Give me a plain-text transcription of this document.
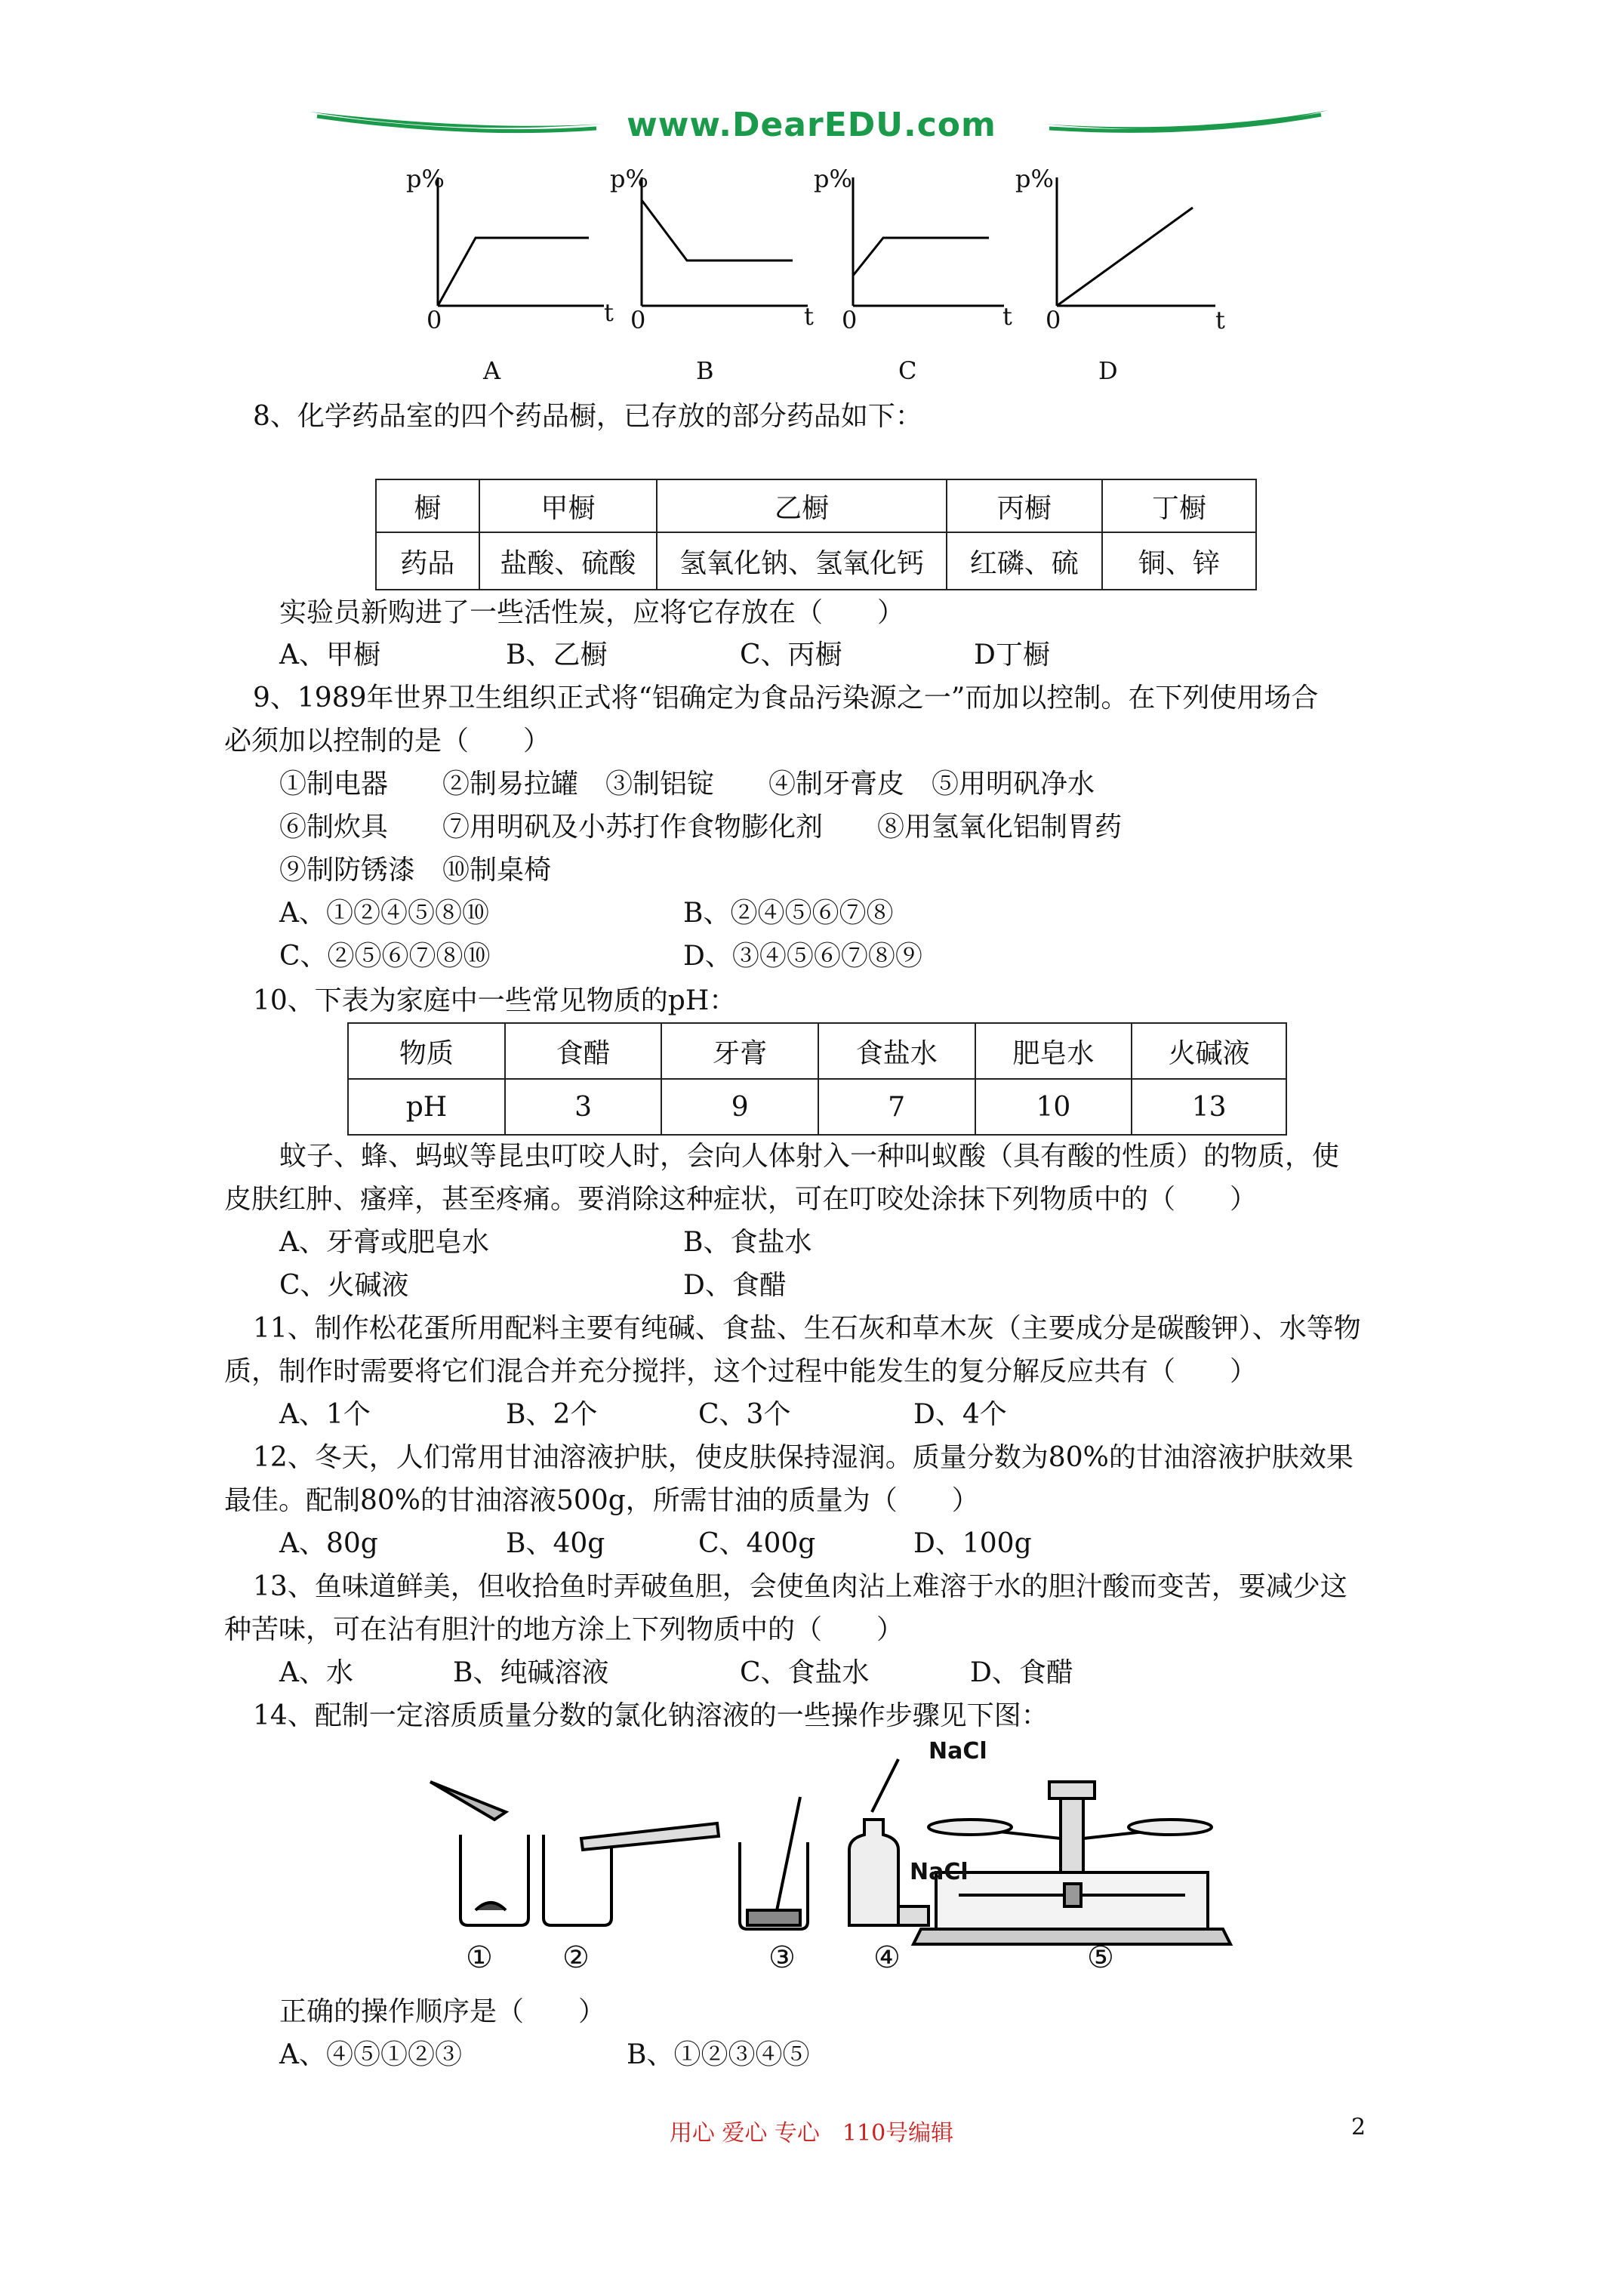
www.DearEDU.com
p%	p%	p%	p%
0	0	0	0
t	t	t	t
A	B	C	D
8、化学药品室的四个药品橱，已存放的部分药品如下：
橱	甲橱	乙橱	丙橱	丁橱
药品	盐酸、硫酸	氢氧化钠、氢氧化钙	红磷、硫	铜、锌
实验员新购进了一些活性炭，应将它存放在（　　）
A、甲橱	B、乙橱	C、丙橱	D丁橱
9、1989年世界卫生组织正式将“铝确定为食品污染源之一”而加以控制。在下列使用场合
必须加以控制的是（　　）
①制电器　　②制易拉罐　③制铝锭　　④制牙膏皮　⑤用明矾净水
⑥制炊具　　⑦用明矾及小苏打作食物膨化剂　　⑧用氢氧化铝制胃药
⑨制防锈漆　⑩制桌椅
A、①②④⑤⑧⑩	B、②④⑤⑥⑦⑧
C、②⑤⑥⑦⑧⑩	D、③④⑤⑥⑦⑧⑨
10、下表为家庭中一些常见物质的pH：
物质	食醋	牙膏	食盐水	肥皂水	火碱液
pH	3	9	7	10	13
蚊子、蜂、蚂蚁等昆虫叮咬人时，会向人体射入一种叫蚁酸（具有酸的性质）的物质，使
皮肤红肿、瘙痒，甚至疼痛。要消除这种症状，可在叮咬处涂抹下列物质中的（　　）
A、牙膏或肥皂水	B、食盐水
C、火碱液	D、食醋
11、制作松花蛋所用配料主要有纯碱、食盐、生石灰和草木灰（主要成分是碳酸钾）、水等物
质，制作时需要将它们混合并充分搅拌，这个过程中能发生的复分解反应共有（　　）
A、1个	B、2个	C、3个	D、4个
12、冬天，人们常用甘油溶液护肤，使皮肤保持湿润。质量分数为80%的甘油溶液护肤效果
最佳。配制80%的甘油溶液500g，所需甘油的质量为（　　）
A、80g	B、40g	C、400g	D、100g
13、鱼味道鲜美，但收拾鱼时弄破鱼胆，会使鱼肉沾上难溶于水的胆汁酸而变苦，要减少这
种苦味，可在沾有胆汁的地方涂上下列物质中的（　　）
A、水	B、纯碱溶液	C、食盐水	D、食醋
14、配制一定溶质质量分数的氯化钠溶液的一些操作步骤见下图：
NaCl
NaCl
① ②	③	④	⑤
正确的操作顺序是（　　）
A、④⑤①②③	B、①②③④⑤
用心 爱心 专心　110号编辑	2
